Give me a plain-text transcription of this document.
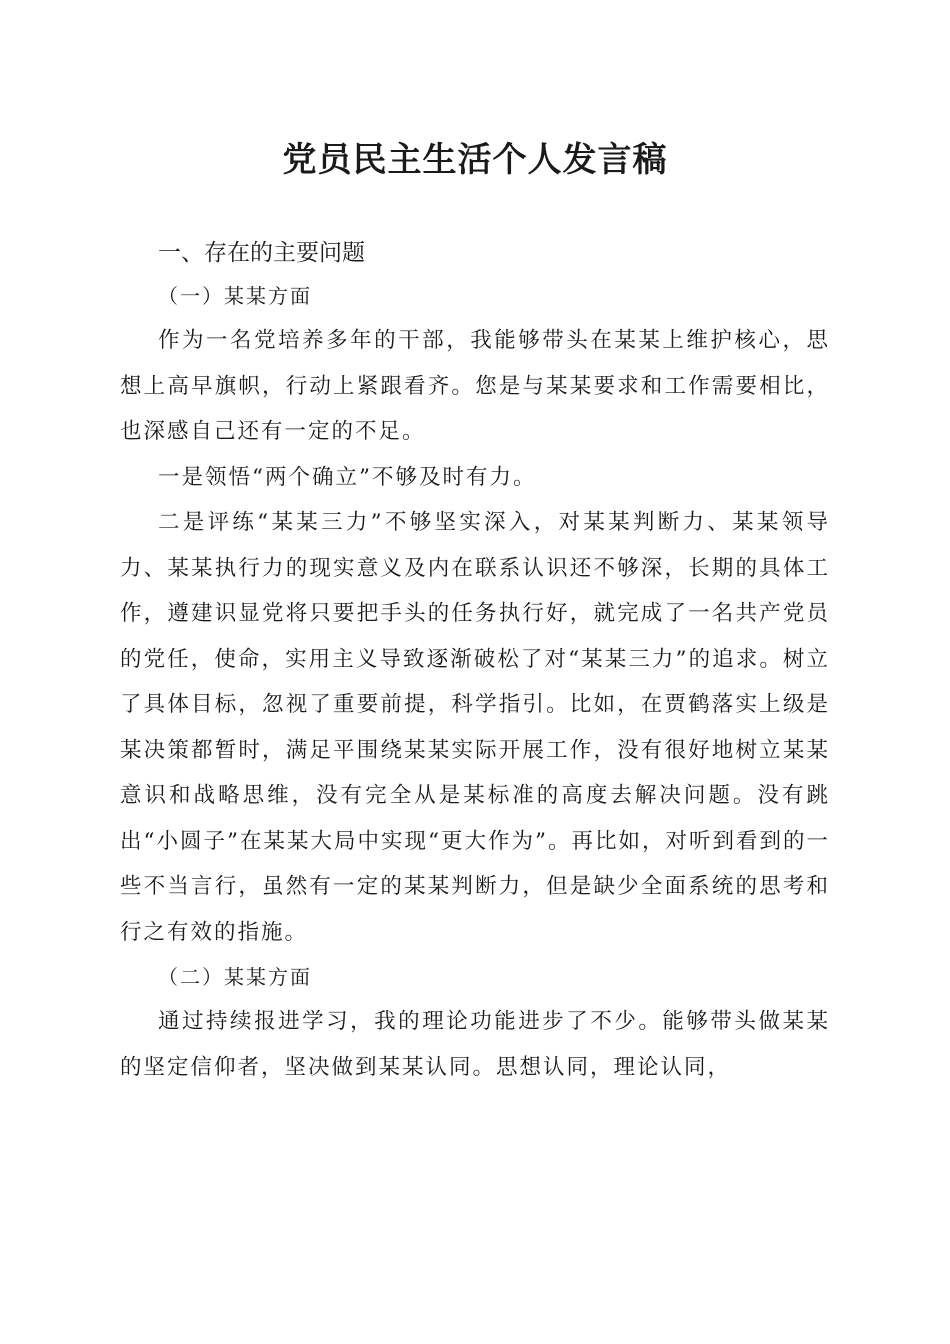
党员民主生活个人发言稿
一、存在的主要问题
（一）某某方面

作为一名党培养多年的干部，我能够带头在某某上维护核心，思想上高早旗帜，行动上紧跟看齐。您是与某某要求和工作需要相比，也深感自己还有一定的不足。

一是领悟“两个确立”不够及时有力。

二是评练“某某三力”不够坚实深入，对某某判断力、某某领导力、某某执行力的现实意义及内在联系认识还不够深，长期的具体工作，遵建识显党将只要把手头的任务执行好，就完成了一名共产党员的党任，使命，实用主义导致逐渐破松了对“某某三力”的追求。树立了具体目标，忽视了重要前提，科学指引。比如，在贾鹤落实上级是某决策都暂时，满足平围绕某某实际开展工作，没有很好地树立某某意识和战略思维，没有完全从是某标准的高度去解决问题。没有跳出“小圆子”在某某大局中实现“更大作为”。再比如，对听到看到的一些不当言行，虽然有一定的某某判断力，但是缺少全面系统的思考和行之有效的指施。

（二）某某方面

通过持续报进学习，我的理论功能进步了不少。能够带头做某某的坚定信仰者，坚决做到某某认同。思想认同，理论认同，
